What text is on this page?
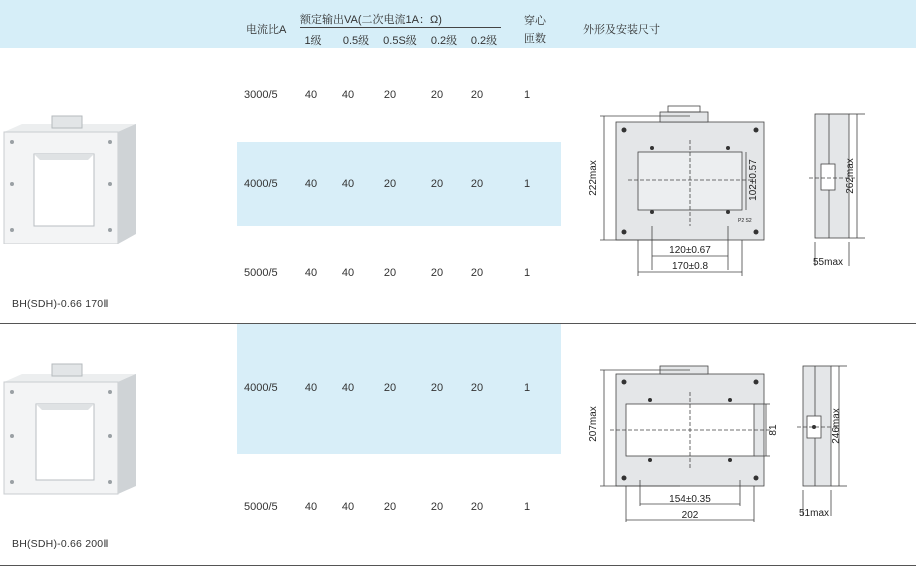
电流比A
额定输出VA(二次电流1A：Ω)
1级 0.5级 0.5S级 0.2级 0.2级
穿心
匝数
外形及安装尺寸
BH(SDH)-0.66 170Ⅱ
3000/5 40 40	20	20	20	1
4000/5 40 40	20	20	20	1
5000/5 40 40	20	20	20	1
222max	102±0.57
120±0.67
170±0.8
P2 S2
262max
55max
BH(SDH)-0.66 200Ⅱ
4000/5 40 40	20	20	20	1
5000/5 40 40	20	20	20	1
207max	81
154±0.35
202
246max
51max
